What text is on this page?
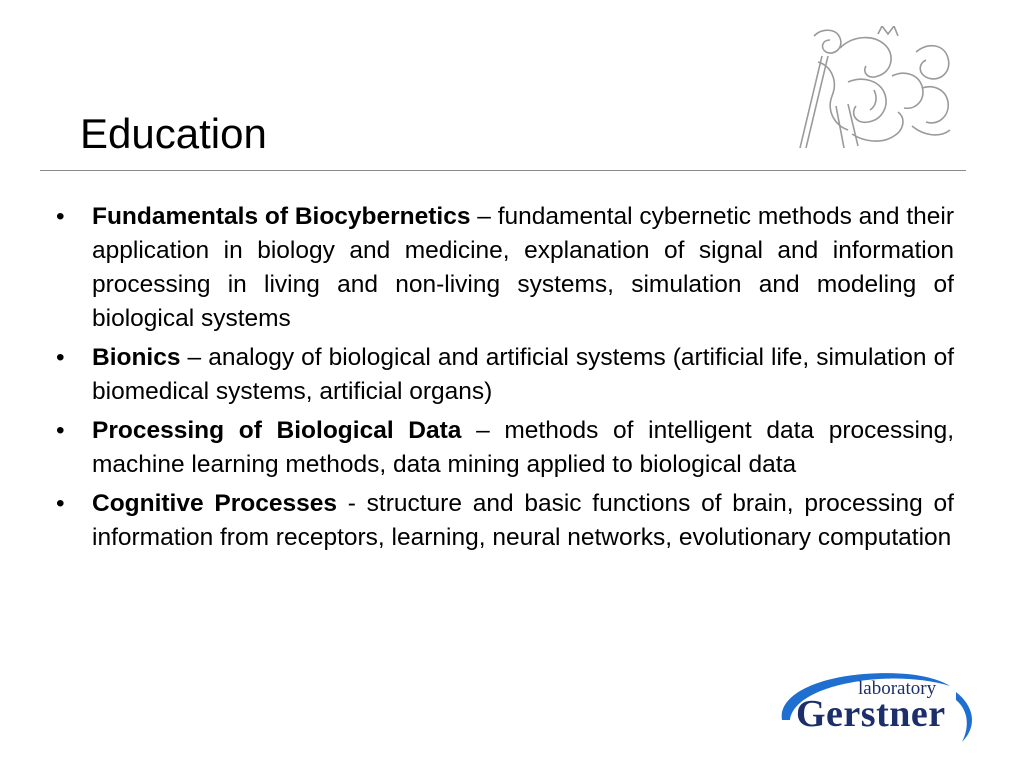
Education
• Fundamentals of Biocybernetics – fundamental cybernetic methods and their application in biology and medicine, explanation of signal and information processing in living and non-living systems, simulation and modeling of biological systems
• Bionics – analogy of biological and artificial systems (artificial life, simulation of biomedical systems, artificial organs)
• Processing of Biological Data – methods of intelligent data processing, machine learning methods, data mining applied to biological data
• Cognitive Processes - structure and basic functions of brain, processing of information from receptors, learning, neural networks, evolutionary computation
laboratory
Gerstner
